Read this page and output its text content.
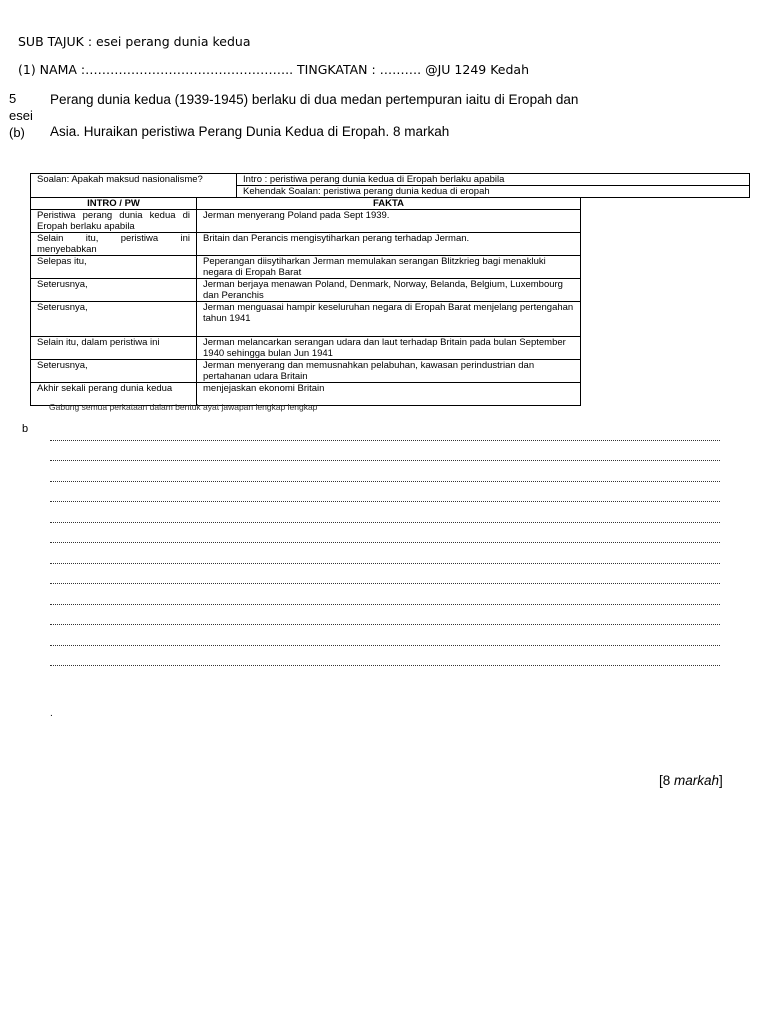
SUB TAJUK : esei perang dunia kedua
(1) NAMA :………………………………………….. TINGKATAN : ………. @JU 1249 Kedah
5
esei
(b)
Perang dunia kedua (1939-1945) berlaku di dua medan pertempuran iaitu di Eropah dan
Asia. Huraikan peristiwa Perang Dunia Kedua di Eropah. 8 markah
Soalan: Apakah maksud nasionalisme?	Intro : peristiwa perang dunia kedua di Eropah berlaku apabila
Kehendak Soalan: peristiwa perang dunia kedua di eropah
INTRO / PW	FAKTA
Peristiwa perang dunia kedua di Eropah berlaku apabila	Jerman menyerang Poland pada Sept 1939.
Selain itu, peristiwa ini menyebabkan	Britain dan Perancis mengisytiharkan perang terhadap Jerman.
Selepas itu,	Peperangan diisytiharkan Jerman memulakan serangan Blitzkrieg bagi menakluki negara di Eropah Barat
Seterusnya,	Jerman berjaya menawan Poland, Denmark, Norway, Belanda, Belgium, Luxembourg dan Peranchis
Seterusnya,	Jerman menguasai hampir keseluruhan negara di Eropah Barat menjelang pertengahan tahun 1941
Selain itu, dalam peristiwa ini	Jerman melancarkan serangan udara dan laut terhadap Britain pada bulan September 1940 sehingga bulan Jun 1941
Seterusnya,	Jerman menyerang dan memusnahkan pelabuhan, kawasan perindustrian dan pertahanan udara Britain
Akhir sekali perang dunia kedua	menjejaskan ekonomi Britain
Gabung semua perkataan dalam bentuk ayat jawapan lengkap lengkap
b
.
[8 markah]
